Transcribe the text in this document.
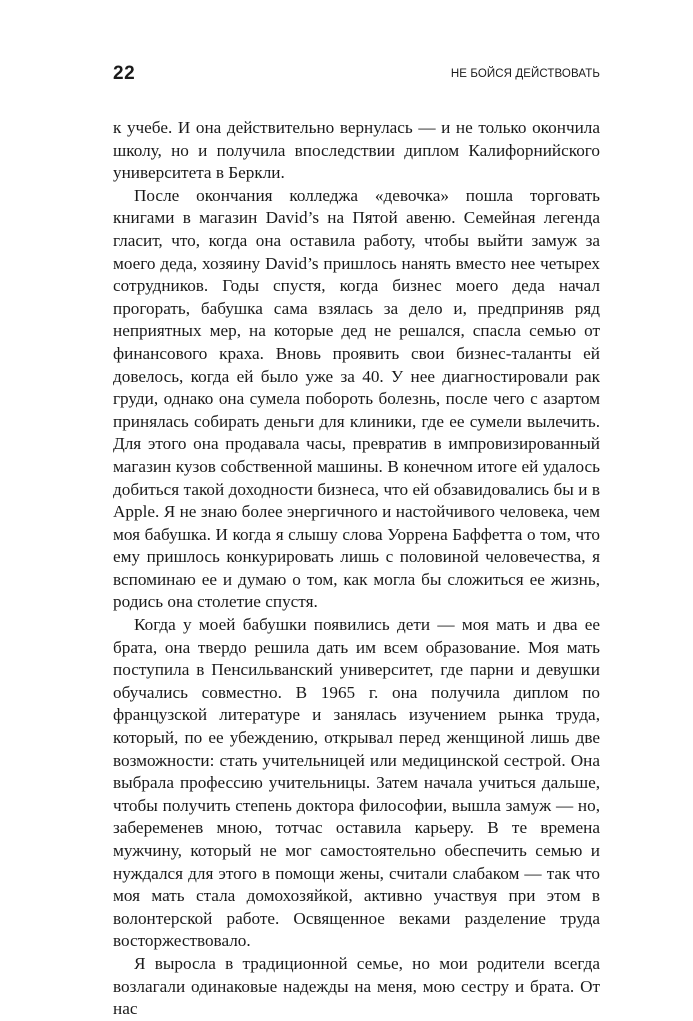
22	НЕ БОЙСЯ ДЕЙСТВОВАТЬ

к учебе. И она действительно вернулась — и не только окончила школу, но и получила впоследствии диплом Калифорнийского университета в Беркли.

После окончания колледжа «девочка» пошла торговать книгами в магазин David’s на Пятой авеню. Семейная легенда гласит, что, когда она оставила работу, чтобы выйти замуж за моего деда, хозяину David’s пришлось нанять вместо нее четырех сотрудников. Годы спустя, когда бизнес моего деда начал прогорать, бабушка сама взялась за дело и, предприняв ряд неприятных мер, на которые дед не решался, спасла семью от финансового краха. Вновь проявить свои бизнес-таланты ей довелось, когда ей было уже за 40. У нее диагностировали рак груди, однако она сумела побороть болезнь, после чего с азартом принялась собирать деньги для клиники, где ее сумели вылечить. Для этого она продавала часы, превратив в импровизированный магазин кузов собственной машины. В конечном итоге ей удалось добиться такой доходности бизнеса, что ей обзавидовались бы и в Apple. Я не знаю более энергичного и настойчивого человека, чем моя бабушка. И когда я слышу слова Уоррена Баффетта о том, что ему пришлось конкурировать лишь с половиной человечества, я вспоминаю ее и думаю о том, как могла бы сложиться ее жизнь, родись она столетие спустя.

Когда у моей бабушки появились дети — моя мать и два ее брата, она твердо решила дать им всем образование. Моя мать поступила в Пенсильванский университет, где парни и девушки обучались совместно. В 1965 г. она получила диплом по французской литературе и занялась изучением рынка труда, который, по ее убеждению, открывал перед женщиной лишь две возможности: стать учительницей или медицинской сестрой. Она выбрала профессию учительницы. Затем начала учиться дальше, чтобы получить степень доктора философии, вышла замуж — но, забеременев мною, тотчас оставила карьеру. В те времена мужчину, который не мог самостоятельно обеспечить семью и нуждался для этого в помощи жены, считали слабаком — так что моя мать стала домохозяйкой, активно участвуя при этом в волонтерской работе. Освященное веками разделение труда восторжествовало.

Я выросла в традиционной семье, но мои родители всегда возлагали одинаковые надежды на меня, мою сестру и брата. От нас
